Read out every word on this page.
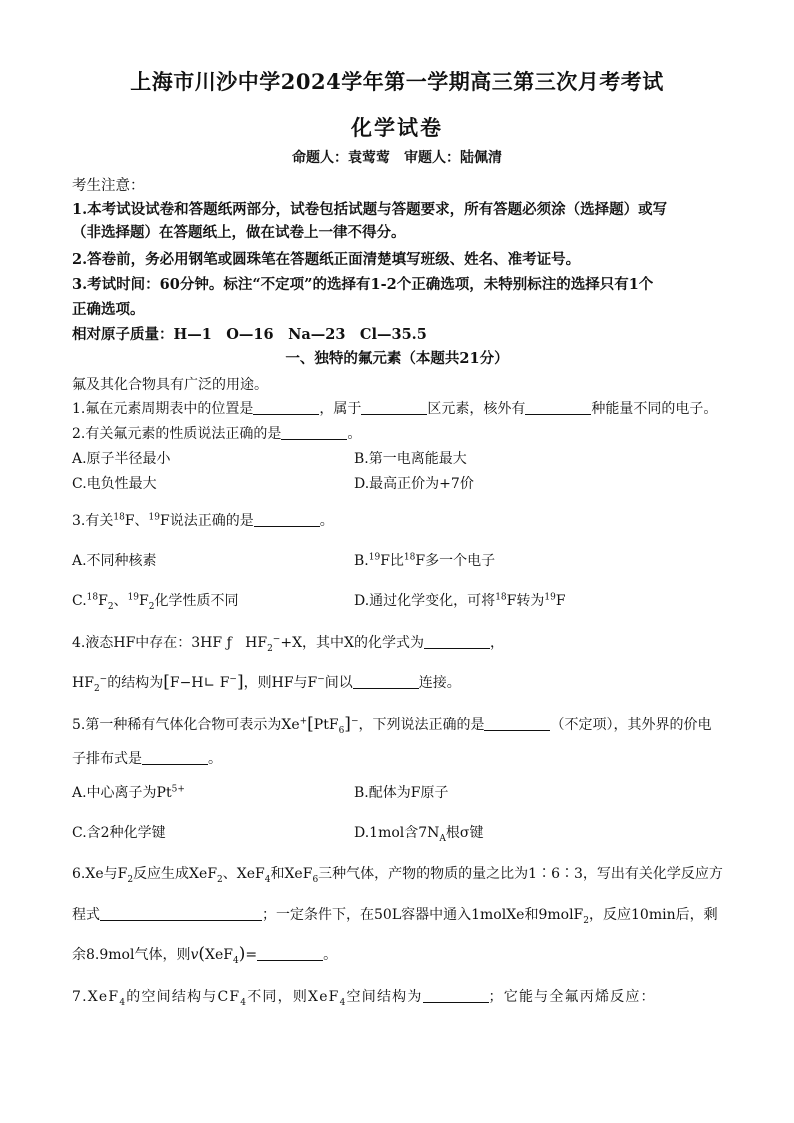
上海市川沙中学2024学年第一学期高三第三次月考考试
化学试卷
命题人：袁莺莺　审题人：陆佩清
考生注意：
1.本考试设试卷和答题纸两部分，试卷包括试题与答题要求，所有答题必须涂（选择题）或写
（非选择题）在答题纸上，做在试卷上一律不得分。
2.答卷前，务必用钢笔或圆珠笔在答题纸正面清楚填写班级、姓名、准考证号。
3.考试时间：60分钟。标注“不定项”的选择有1-2个正确选项，未特别标注的选择只有1个
正确选项。
相对原子质量：H—1　O—16　Na—23　Cl—35.5
一、独特的氟元素（本题共21分）
氟及其化合物具有广泛的用途。
1.氟在元素周期表中的位置是	，属于	区元素，核外有	种能量不同的电子。
2.有关氟元素的性质说法正确的是	。
A.原子半径最小	B.第一电离能最大
C.电负性最大	D.最高正价为+7价
3.有关$^{18}$F、$^{19}$F说法正确的是	。
A.不同种核素	B.$^{19}$F比$^{18}$F多一个电子
$C.^{18}F_2$、$^{19}F_2$化学性质不同	D.通过化学变化，可将$^{18}$F转为$^{19}$F
4.液态HF中存在：3HF ƒ $HF_2^-+X$，其中X的化学式为	，
$HF_2^-$的结构为[F−H∟ F−]，则HF与F−间以	连接。
5.第一种稀有气体化合物可表示为Xe+[PtF$_6$]−，下列说法正确的是	（不定项），其外界的价电
子排布式是	。
A.中心离子为$Pt^{5+}$	B.配体为F原子
C.含2种化学键	D.1mol含$7N_A$根σ键
6.Xe与$F_2$反应生成XeF$_2$、XeF$_4$和XeF$_6$三种气体，产物的物质的量之比为1∶6∶3，写出有关化学反应方
程式	；一定条件下，在50L容器中通入1molXe和9molF$_2$，反应10min后，剩
余8.9mol气体，则v(XeF$_4$)=	。
7.XeF$_4$的空间结构与$CF_4$不同，则XeF$_4$空间结构为	；它能与全氟丙烯反应：
